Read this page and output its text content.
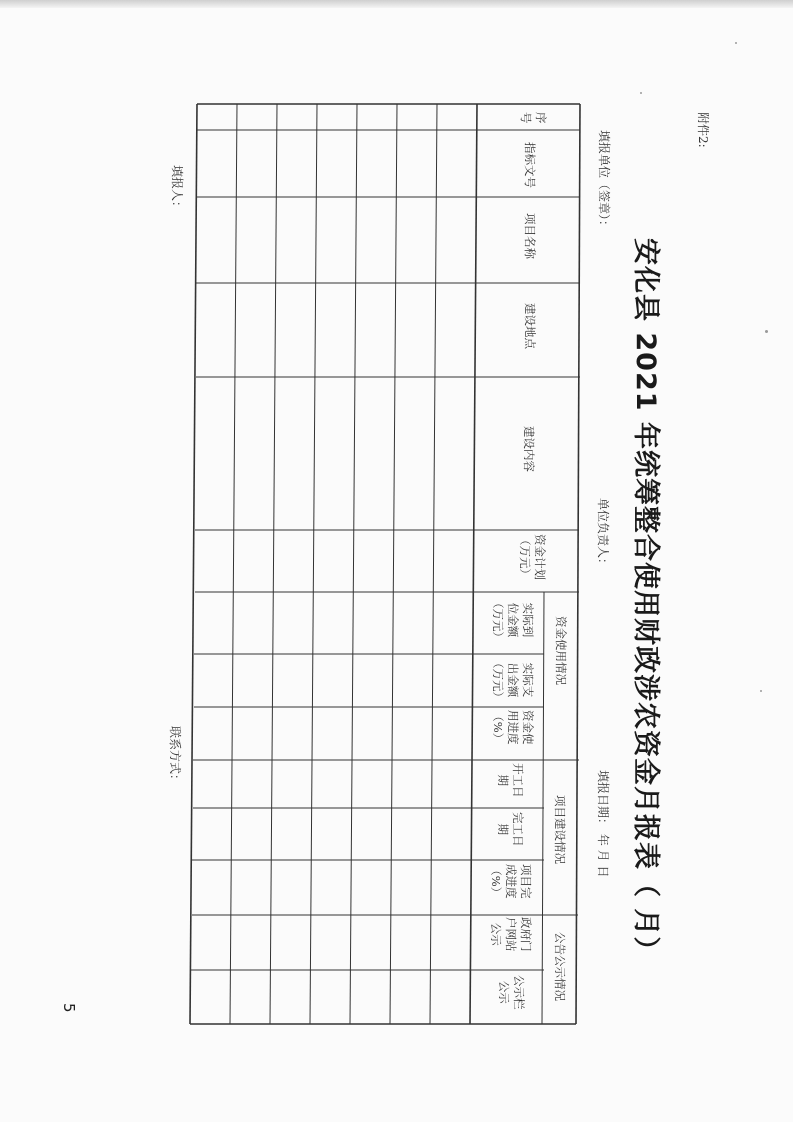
附件2:
安化县 2021 年统筹整合使用财政涉农资金月报表（ 月）
填报单位（签章）：
单位负责人：
填报日期： 年 月 日
序
号
指标文号
项目名称
建设地点
建设内容
资金计划
（万元）
资金使用情况
实际到
位金额
（万元）
实际支
出金额
（万元）
资金使
用进度
（%）
项目建设情况
开工日
期
完工日
期
项目完
成进度
（%）
公告公示情况
政府门
户网站
公示
公示栏
公示
填报人：
联系方式：
5
